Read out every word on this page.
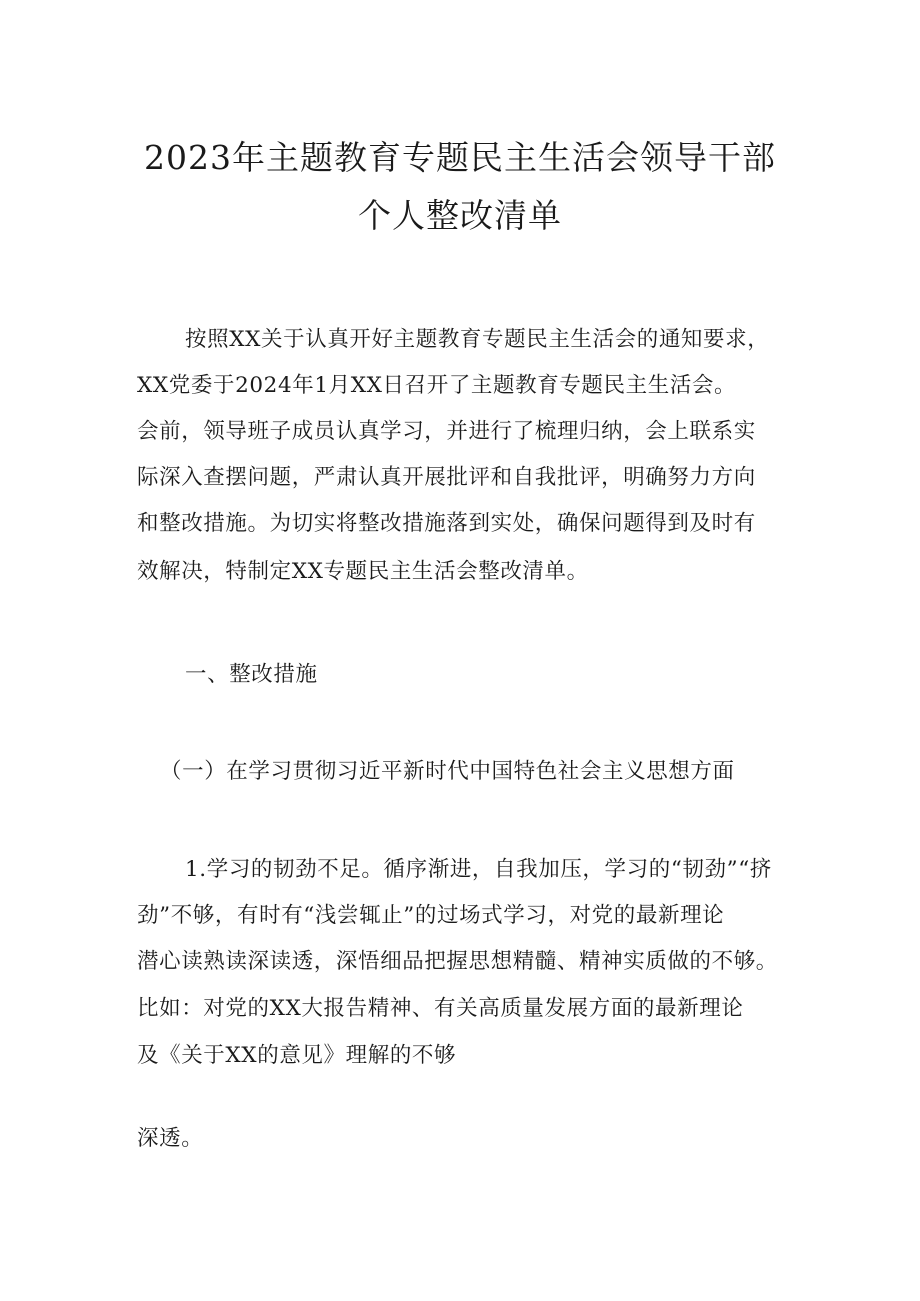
2023年主题教育专题民主生活会领导干部
个人整改清单
按照XX关于认真开好主题教育专题民主生活会的通知要求，
XX党委于2024年1月XX日召开了主题教育专题民主生活会。
会前，领导班子成员认真学习，并进行了梳理归纳，会上联系实
际深入查摆问题，严肃认真开展批评和自我批评，明确努力方向
和整改措施。为切实将整改措施落到实处，确保问题得到及时有
效解决，特制定XX专题民主生活会整改清单。
一、整改措施
（一）在学习贯彻习近平新时代中国特色社会主义思想方面
1.学习的韧劲不足。循序渐进，自我加压，学习的“韧劲”“挤
劲”不够，有时有“浅尝辄止”的过场式学习，对党的最新理论
潜心读熟读深读透，深悟细品把握思想精髓、精神实质做的不够。
比如：对党的XX大报告精神、有关高质量发展方面的最新理论
及《关于XX的意见》理解的不够
深透。
